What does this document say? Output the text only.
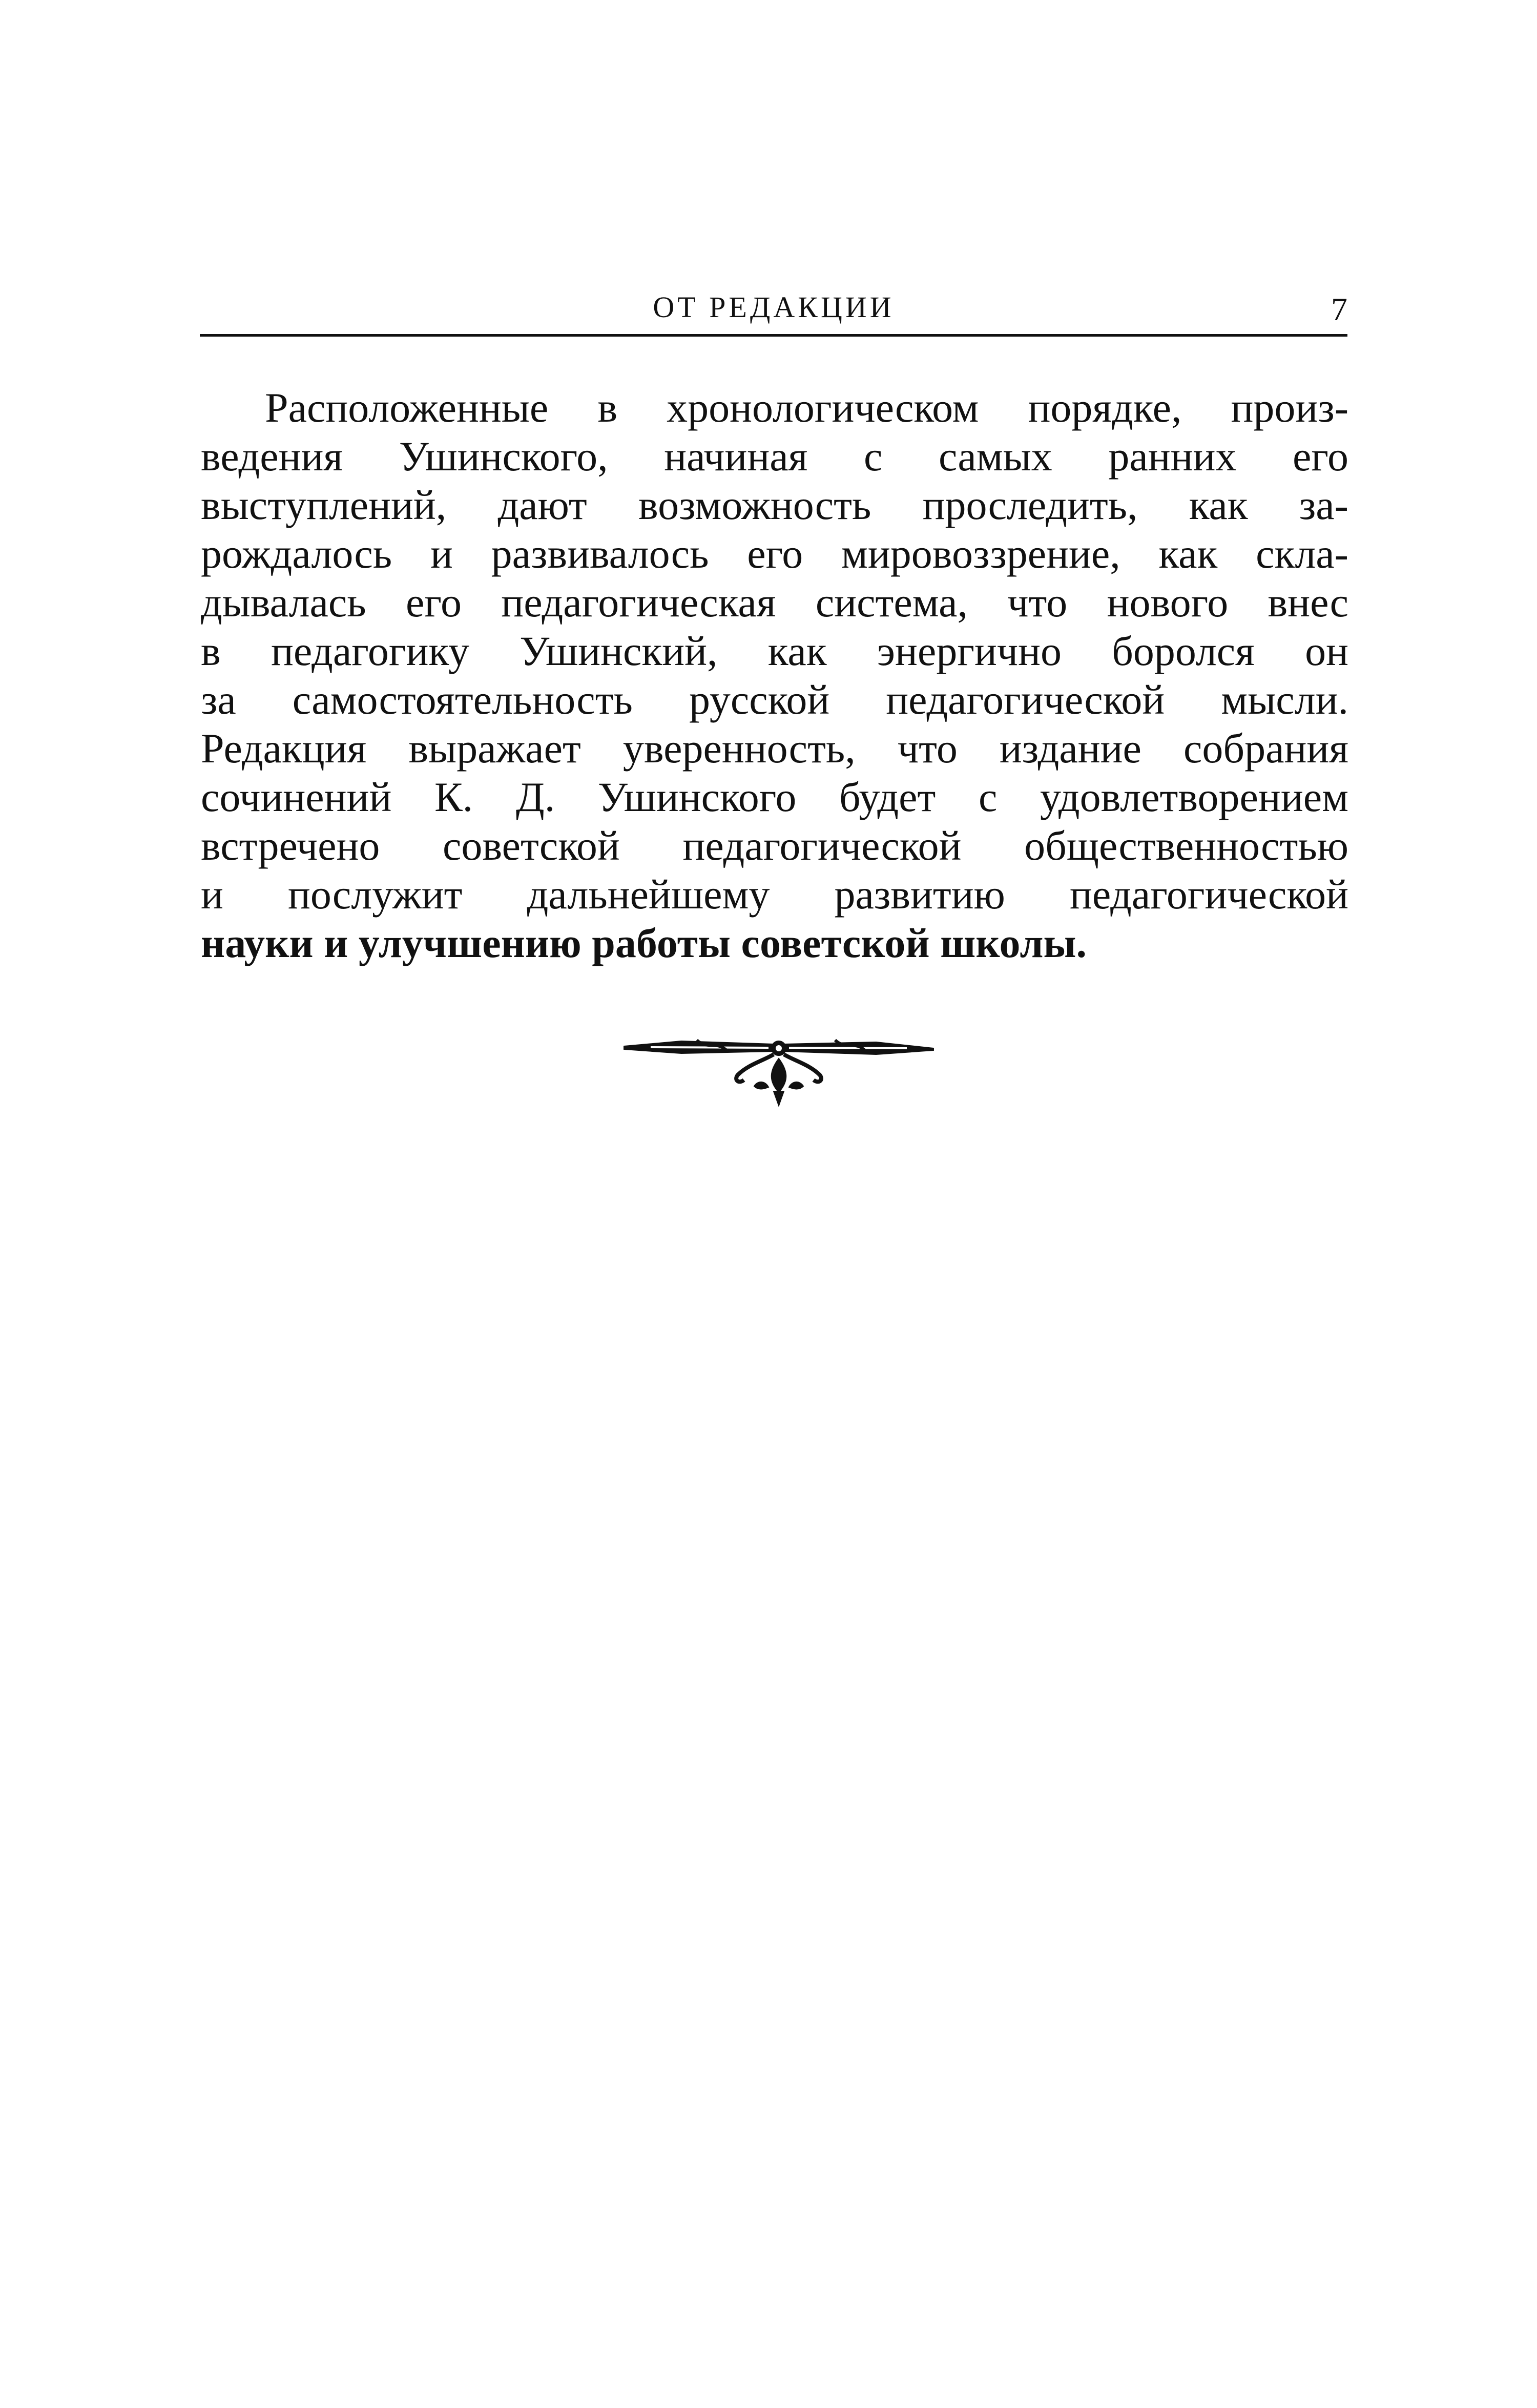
ОТ РЕДАКЦИИ	7
Расположенные в хронологическом порядке, произ-
ведения Ушинского, начиная с самых ранних его
выступлений, дают возможность проследить, как за-
рождалось и развивалось его мировоззрение, как скла-
дывалась его педагогическая система, что нового внес
в педагогику Ушинский, как энергично боролся он
за самостоятельность русской педагогической мысли.
Редакция выражает уверенность, что издание собрания
сочинений К. Д. Ушинского будет с удовлетворением
встречено советской педагогической общественностью
и послужит дальнейшему развитию педагогической
науки и улучшению работы советской школы.
